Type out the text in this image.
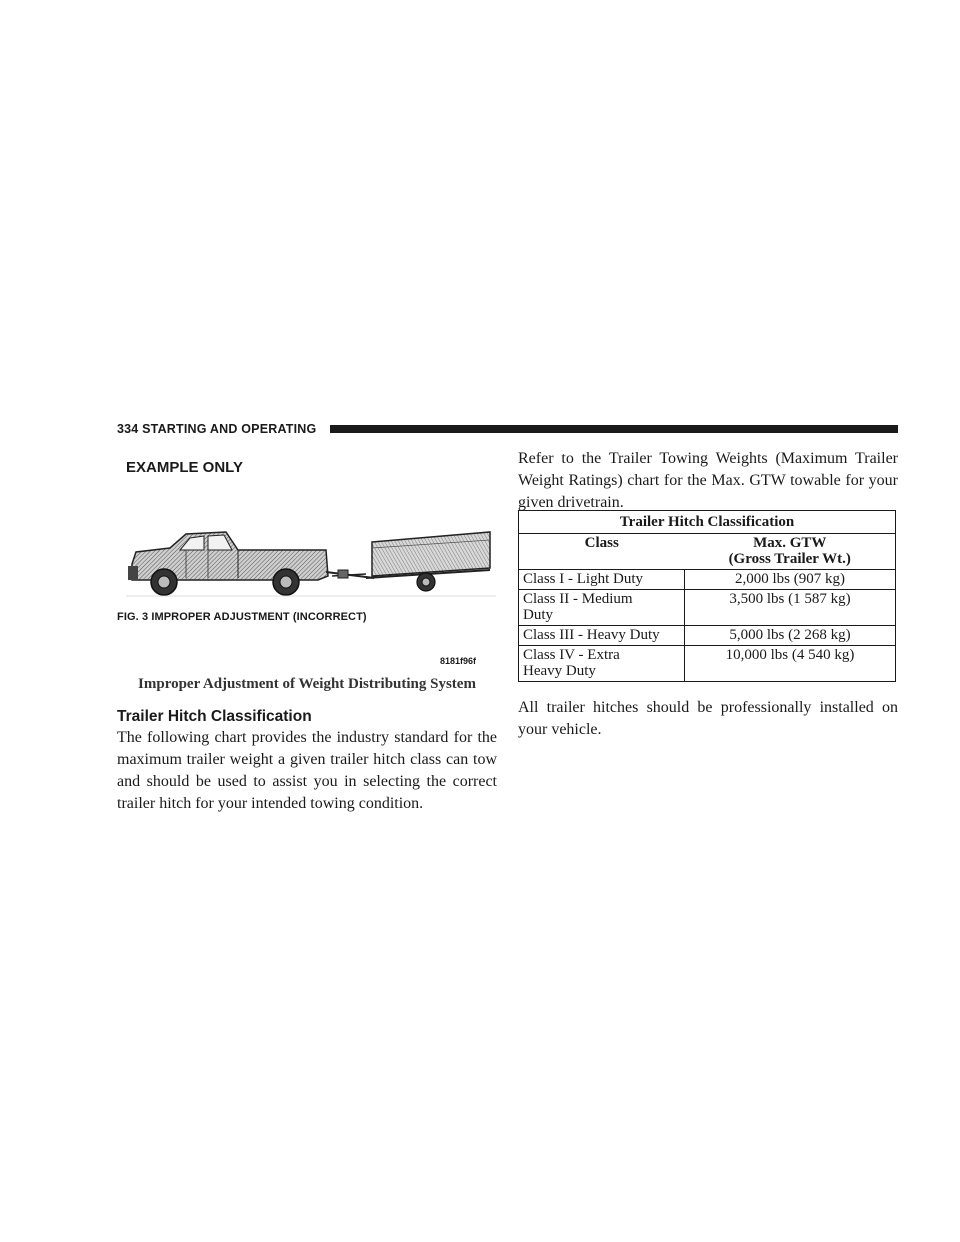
334 STARTING AND OPERATING
EXAMPLE ONLY
FIG. 3 IMPROPER ADJUSTMENT (INCORRECT)
8181f96f
Improper Adjustment of Weight Distributing System
Trailer Hitch Classification
The following chart provides the industry standard for the maximum trailer weight a given trailer hitch class can tow and should be used to assist you in selecting the correct trailer hitch for your intended towing condition.
Refer to the Trailer Towing Weights (Maximum Trailer Weight Ratings) chart for the Max. GTW towable for your given drivetrain.
Trailer Hitch Classification	
Class	Max. GTW
(Gross Trailer Wt.)

Class I - Light Duty	2,000 lbs (907 kg)

Class II - Medium
Duty	3,500 lbs (1 587 kg)

Class III - Heavy Duty	5,000 lbs (2 268 kg)

Class IV - Extra
Heavy Duty	10,000 lbs (4 540 kg)
All trailer hitches should be professionally installed on your vehicle.
